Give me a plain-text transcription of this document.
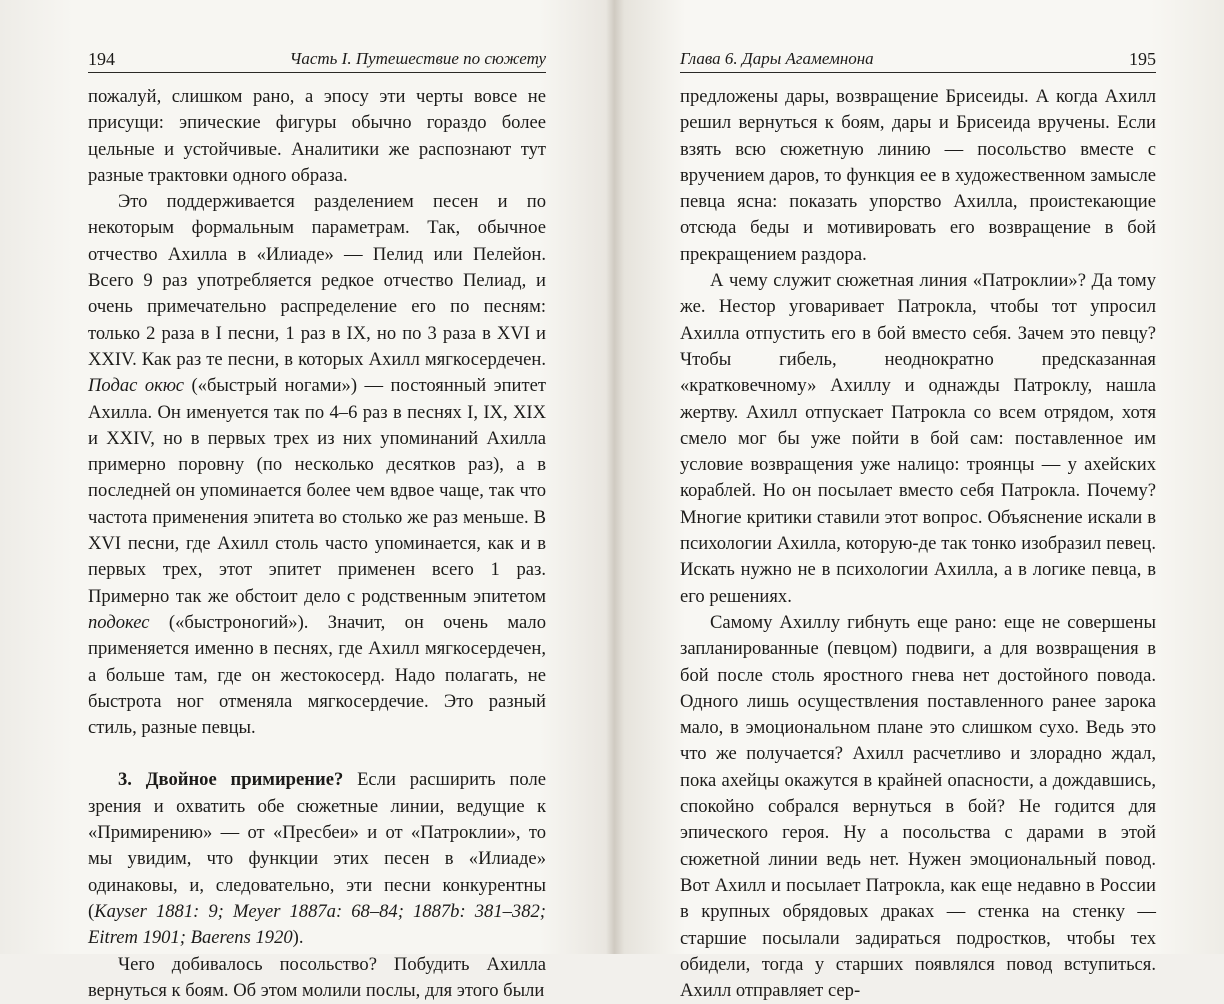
194	Часть I. Путешествие по сюжету

пожалуй, слишком рано, а эпосу эти черты вовсе не присущи: эпические фигуры обычно гораздо более цельные и устойчивые. Аналитики же распознают тут разные трактовки одного образа.

Это поддерживается разделением песен и по некоторым формальным параметрам. Так, обычное отчество Ахилла в «Илиаде» — Пелид или Пелейон. Всего 9 раз употребляется редкое отчество Пелиад, и очень примечательно распределение его по песням: только 2 раза в I песни, 1 раз в IX, но по 3 раза в XVI и XXIV. Как раз те песни, в которых Ахилл мягкосердечен. Подас окюс («быстрый ногами») — постоянный эпитет Ахилла. Он именуется так по 4–6 раз в песнях I, IX, XIX и XXIV, но в первых трех из них упоминаний Ахилла примерно поровну (по несколько десятков раз), а в последней он упоминается более чем вдвое чаще, так что частота применения эпитета во столько же раз меньше. В XVI песни, где Ахилл столь часто упоминается, как и в первых трех, этот эпитет применен всего 1 раз. Примерно так же обстоит дело с родственным эпитетом подокес («быстроногий»). Значит, он очень мало применяется именно в песнях, где Ахилл мягкосердечен, а больше там, где он жестокосерд. Надо полагать, не быстрота ног отменяла мягкосердечие. Это разный стиль, разные певцы.

3. Двойное примирение? Если расширить поле зрения и охватить обе сюжетные линии, ведущие к «Примирению» — от «Пресбеи» и от «Патроклии», то мы увидим, что функции этих песен в «Илиаде» одинаковы, и, следовательно, эти песни конкурентны (Kayser 1881: 9; Meyer 1887a: 68–84; 1887b: 381–382; Eitrem 1901; Baerens 1920).

Чего добивалось посольство? Побудить Ахилла вернуться к боям. Об этом молили послы, для этого были

Глава 6. Дары Агамемнона	195

предложены дары, возвращение Брисеиды. А когда Ахилл решил вернуться к боям, дары и Брисеида вручены. Если взять всю сюжетную линию — посольство вместе с вручением даров, то функция ее в художественном замысле певца ясна: показать упорство Ахилла, проистекающие отсюда беды и мотивировать его возвращение в бой прекращением раздора.

А чему служит сюжетная линия «Патроклии»? Да тому же. Нестор уговаривает Патрокла, чтобы тот упросил Ахилла отпустить его в бой вместо себя. Зачем это певцу? Чтобы гибель, неоднократно предсказанная «кратковечному» Ахиллу и однажды Патроклу, нашла жертву. Ахилл отпускает Патрокла со всем отрядом, хотя смело мог бы уже пойти в бой сам: поставленное им условие возвращения уже налицо: троянцы — у ахейских кораблей. Но он посылает вместо себя Патрокла. Почему? Многие критики ставили этот вопрос. Объяснение искали в психологии Ахилла, которую-де так тонко изобразил певец. Искать нужно не в психологии Ахилла, а в логике певца, в его решениях.

Самому Ахиллу гибнуть еще рано: еще не совершены запланированные (певцом) подвиги, а для возвращения в бой после столь яростного гнева нет достойного повода. Одного лишь осуществления поставленного ранее зарока мало, в эмоциональном плане это слишком сухо. Ведь это что же получается? Ахилл расчетливо и злорадно ждал, пока ахейцы окажутся в крайней опасности, а дождавшись, спокойно собрался вернуться в бой? Не годится для эпического героя. Ну а посольства с дарами в этой сюжетной линии ведь нет. Нужен эмоциональный повод. Вот Ахилл и посылает Патрокла, как еще недавно в России в крупных обрядовых драках — стенка на стенку — старшие посылали задираться подростков, чтобы тех обидели, тогда у старших появлялся повод вступиться. Ахилл отправляет сер-
